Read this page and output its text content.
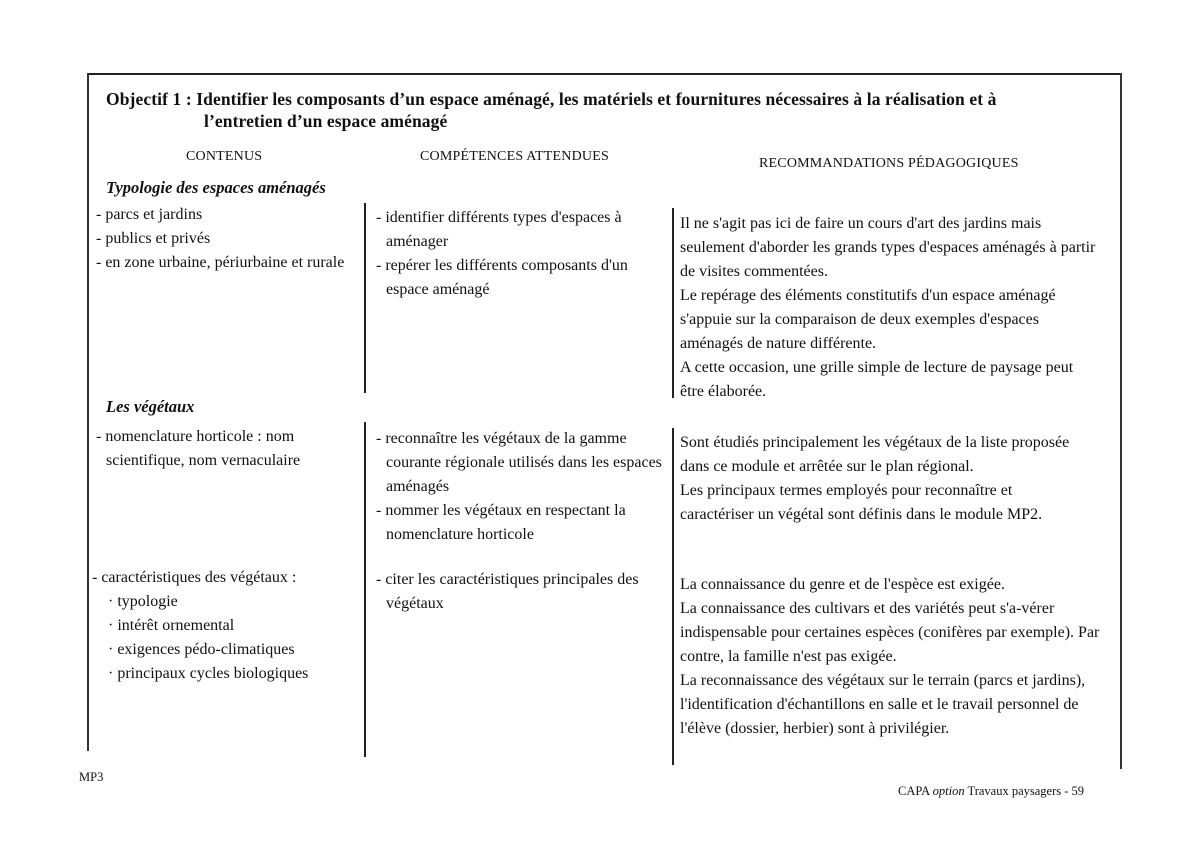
Objectif 1 : Identifier les composants d’un espace aménagé, les matériels et fournitures nécessaires à la réalisation et à
l’entretien d’un espace aménagé
CONTENUS	COMPÉTENCES ATTENDUES	RECOMMANDATIONS PÉDAGOGIQUES
Typologie des espaces aménagés
- parcs et jardins
- publics et privés
- en zone urbaine, périurbaine et rurale
- identifier différents types d'espaces à aménager
- repérer les différents composants d'un espace aménagé

Il ne s'agit pas ici de faire un cours d'art des jardins mais seulement d'aborder les grands types d'espaces aménagés à partir de visites commentées.

Le repérage des éléments constitutifs d'un espace aménagé s'appuie sur la comparaison de deux exemples d'espaces aménagés de nature différente.

A cette occasion, une grille simple de lecture de paysage peut être élaborée.

Les végétaux
- nomenclature horticole : nom scientifique, nom vernaculaire
- reconnaître les végétaux de la gamme courante régionale utilisés dans les espaces aménagés
- nommer les végétaux en respectant la nomenclature horticole

Sont étudiés principalement les végétaux de la liste proposée dans ce module et arrêtée sur le plan régional.

Les principaux termes employés pour reconnaître et caractériser un végétal sont définis dans le module MP2.

- caractéristiques des végétaux :
· typologie
· intérêt ornemental
· exigences pédo-climatiques
· principaux cycles biologiques
- citer les caractéristiques principales des végétaux

La connaissance du genre et de l'espèce est exigée.

La connaissance des cultivars et des variétés peut s'a-vérer indispensable pour certaines espèces (conifères par exemple). Par contre, la famille n'est pas exigée.

La reconnaissance des végétaux sur le terrain (parcs et jardins), l'identification d'échantillons en salle et le travail personnel de l'élève (dossier, herbier) sont à privilégier.

MP3
CAPA option Travaux paysagers - 59
